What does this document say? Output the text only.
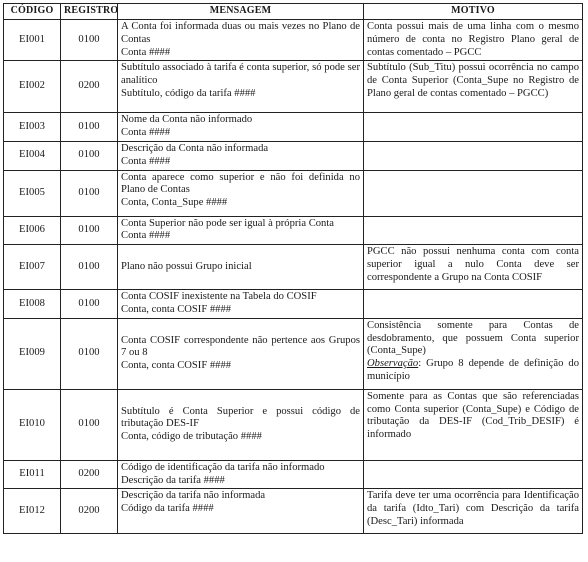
CÓDIGO	REGISTRO	MENSAGEM	MOTIVO
EI001	0100	A Conta foi informada duas ou mais vezes no Plano de Contas
Conta ####	Conta possui mais de uma linha com o mesmo número de conta no Registro Plano geral de contas comentado – PGCC

EI002	0200	Subtítulo associado à tarifa é conta superior, só pode ser analítico
Subtítulo, código da tarifa ####	Subtítulo (Sub_Titu) possui ocorrência no campo de Conta Superior (Conta_Supe no Registro de Plano geral de contas comentado – PGCC)

EI003	0100	Nome da Conta não informado
Conta ####	

EI004	0100	Descrição da Conta não informada
Conta ####	

EI005	0100	Conta aparece como superior e não foi definida no Plano de Contas
Conta, Conta_Supe ####	

EI006	0100	Conta Superior não pode ser igual à própria Conta
Conta ####	

EI007	0100	Plano não possui Grupo inicial	PGCC não possui nenhuma conta com conta superior igual a nulo Conta deve ser correspondente a Grupo na Conta COSIF

EI008	0100	Conta COSIF inexistente na Tabela do COSIF
Conta, conta COSIF ####	

EI009	0100	Conta COSIF correspondente não pertence aos Grupos 7 ou 8
Conta, conta COSIF ####	Consistência somente para Contas de desdobramento, que possuem Conta superior (Conta_Supe)
Observação: Grupo 8 depende de definição do município

EI010	0100	Subtítulo é Conta Superior e possui código de tributação DES-IF
Conta, código de tributação ####	Somente para as Contas que são referenciadas como Conta superior (Conta_Supe) e Código de tributação da DES-IF (Cod_Trib_DESIF) é informado

EI011	0200	Código de identificação da tarifa não informado
Descrição da tarifa ####	

EI012	0200	Descrição da tarifa não informada
Código da tarifa ####	Tarifa deve ter uma ocorrência para Identificação da tarifa (Idto_Tari) com Descrição da tarifa (Desc_Tari) informada
